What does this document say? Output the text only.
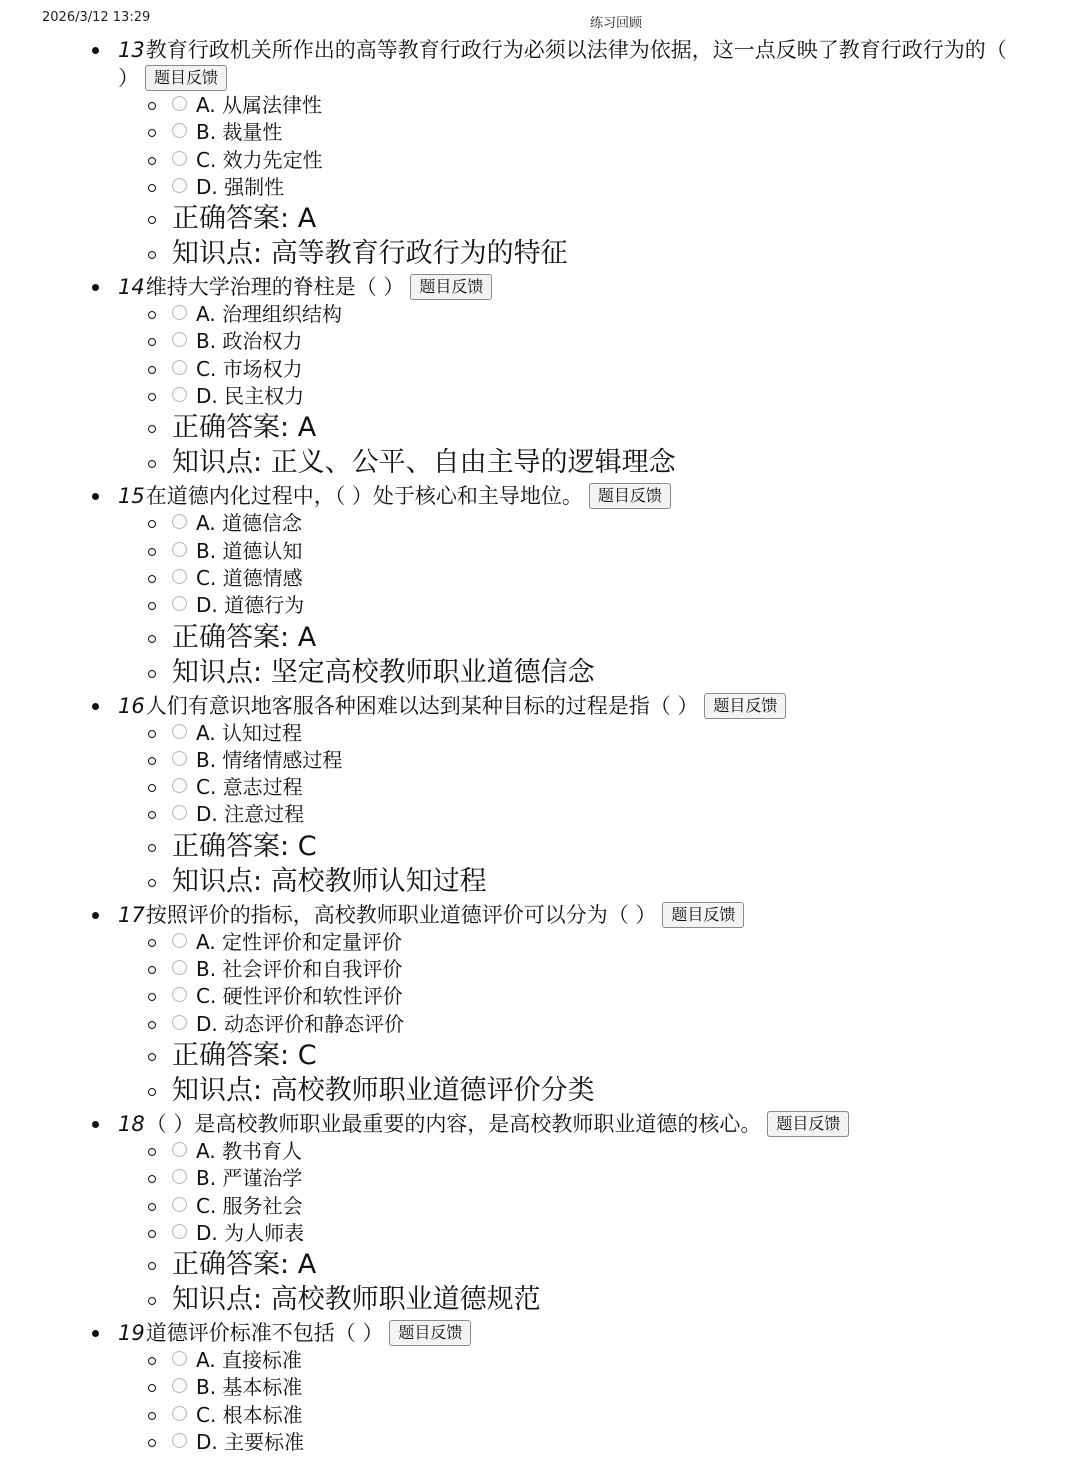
2026/3/12 13:29	练习回顾
13教育行政机关所作出的高等教育行政行为必须以法律为依据，这一点反映了教育行政行为的（ ） 题目反馈
A. 从属法律性
B. 裁量性
C. 效力先定性
D. 强制性
正确答案: A
知识点: 高等教育行政行为的特征
14维持大学治理的脊柱是（ ） 题目反馈
A. 治理组织结构
B. 政治权力
C. 市场权力
D. 民主权力
正确答案: A
知识点: 正义、公平、自由主导的逻辑理念
15在道德内化过程中，（ ）处于核心和主导地位。 题目反馈
A. 道德信念
B. 道德认知
C. 道德情感
D. 道德行为
正确答案: A
知识点: 坚定高校教师职业道德信念
16人们有意识地客服各种困难以达到某种目标的过程是指（ ） 题目反馈
A. 认知过程
B. 情绪情感过程
C. 意志过程
D. 注意过程
正确答案: C
知识点: 高校教师认知过程
17按照评价的指标，高校教师职业道德评价可以分为（ ） 题目反馈
A. 定性评价和定量评价
B. 社会评价和自我评价
C. 硬性评价和软性评价
D. 动态评价和静态评价
正确答案: C
知识点: 高校教师职业道德评价分类
18（ ）是高校教师职业最重要的内容，是高校教师职业道德的核心。 题目反馈
A. 教书育人
B. 严谨治学
C. 服务社会
D. 为人师表
正确答案: A
知识点: 高校教师职业道德规范
19道德评价标准不包括（ ） 题目反馈
A. 直接标准
B. 基本标准
C. 根本标准
D. 主要标准
